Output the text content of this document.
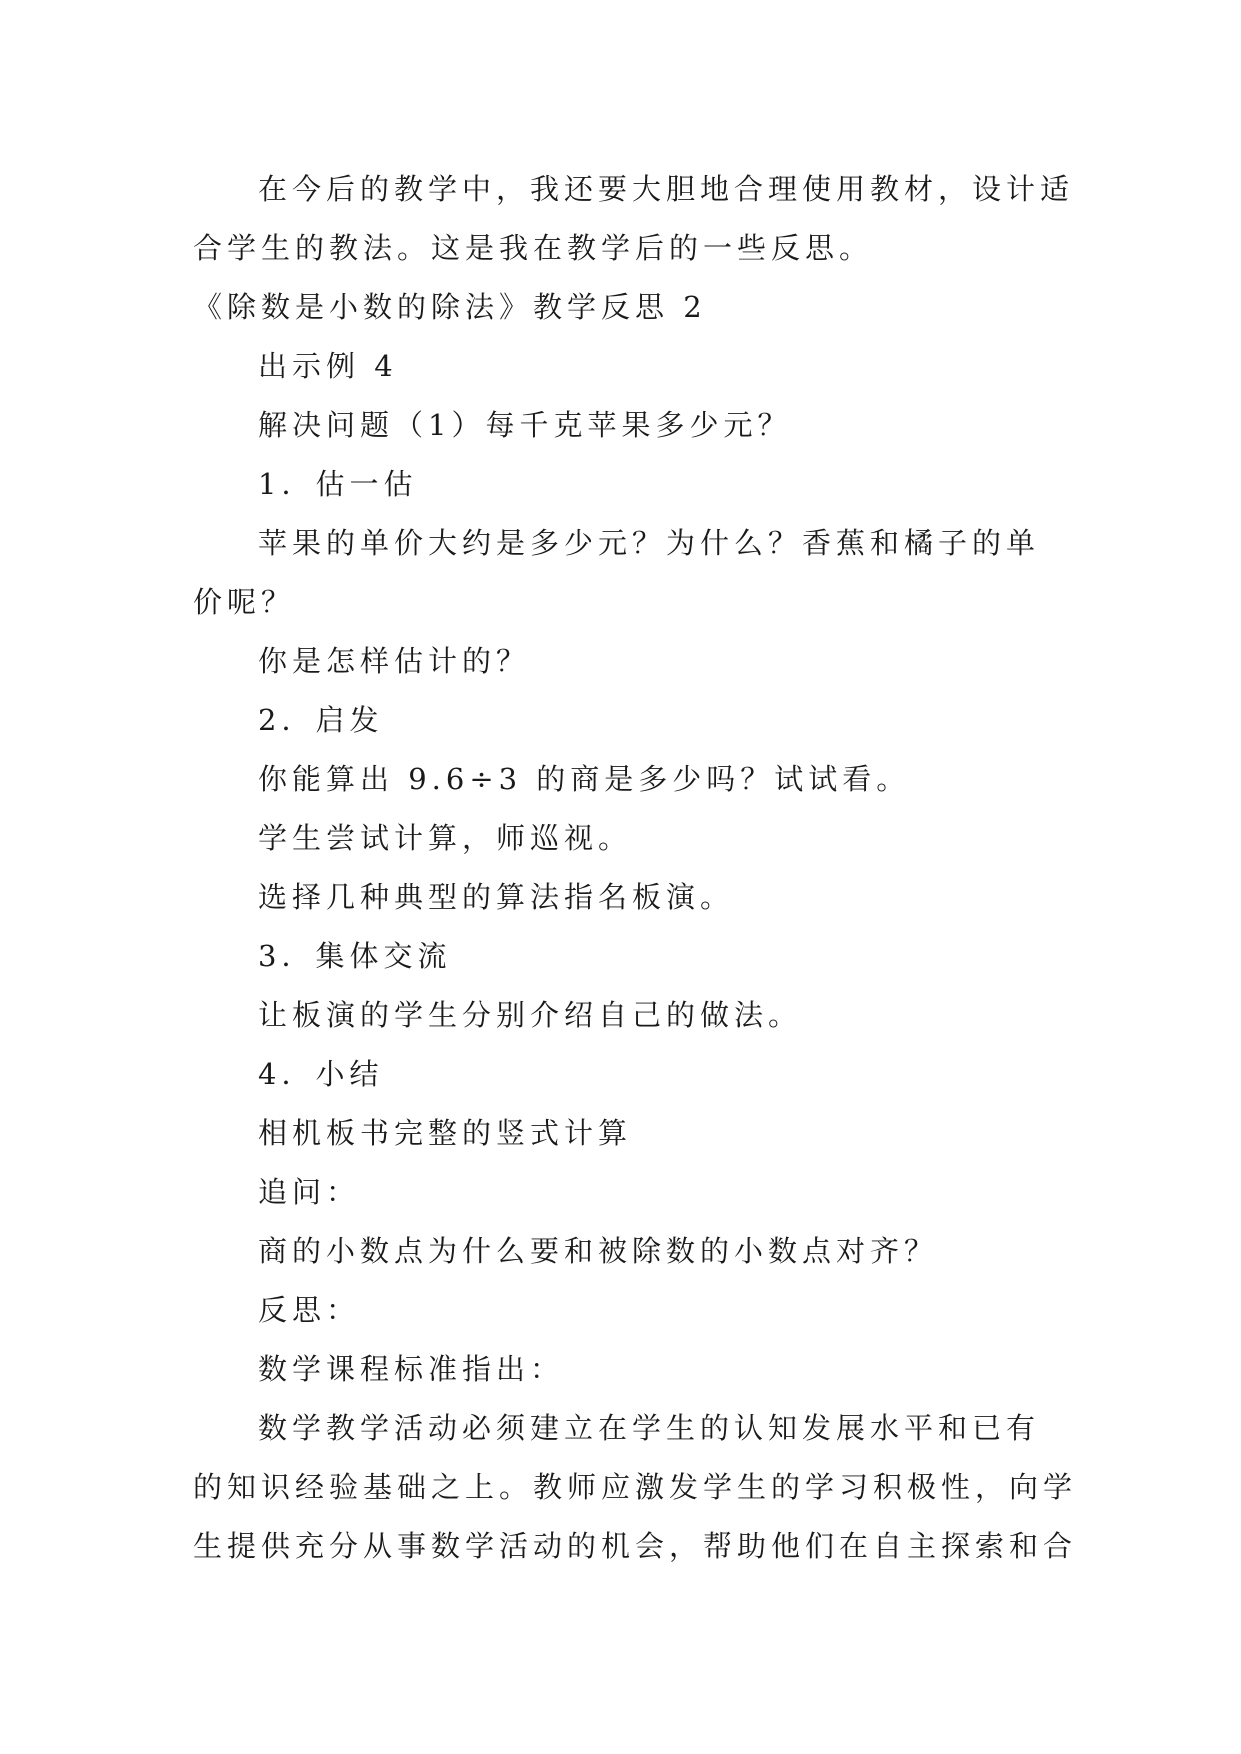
在今后的教学中，我还要大胆地合理使用教材，设计适

合学生的教法。这是我在教学后的一些反思。

《除数是小数的除法》教学反思 2

出示例 4

解决问题（1）每千克苹果多少元？

1．估一估

苹果的单价大约是多少元？为什么？香蕉和橘子的单

价呢？

你是怎样估计的？

2．启发

你能算出 9.6÷3 的商是多少吗？试试看。

学生尝试计算，师巡视。

选择几种典型的算法指名板演。

3．集体交流

让板演的学生分别介绍自己的做法。

4．小结

相机板书完整的竖式计算

追问：

商的小数点为什么要和被除数的小数点对齐？

反思：

数学课程标准指出：

数学教学活动必须建立在学生的认知发展水平和已有

的知识经验基础之上。教师应激发学生的学习积极性，向学

生提供充分从事数学活动的机会，帮助他们在自主探索和合
